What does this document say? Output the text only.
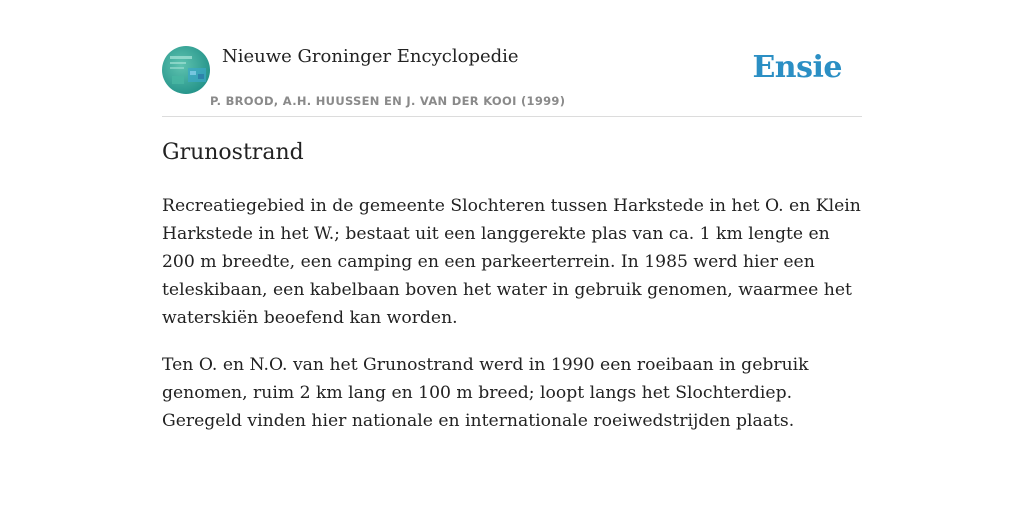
Nieuwe Groninger Encyclopedie
P. BROOD, A.H. HUUSSEN EN J. VAN DER KOOI (1999)
Ensie
Grunostrand

Recreatiegebied in de gemeente Slochteren tussen Harkstede in het O. en Klein Harkstede in het W.; bestaat uit een langgerekte plas van ca. 1 km lengte en 200 m breedte, een camping en een parkeerterrein. In 1985 werd hier een teleskibaan, een kabelbaan boven het water in gebruik genomen, waarmee het waterskiën beoefend kan worden.

Ten O. en N.O. van het Grunostrand werd in 1990 een roeibaan in gebruik genomen, ruim 2 km lang en 100 m breed; loopt langs het Slochterdiep. Geregeld vinden hier nationale en internationale roeiwedstrijden plaats.
